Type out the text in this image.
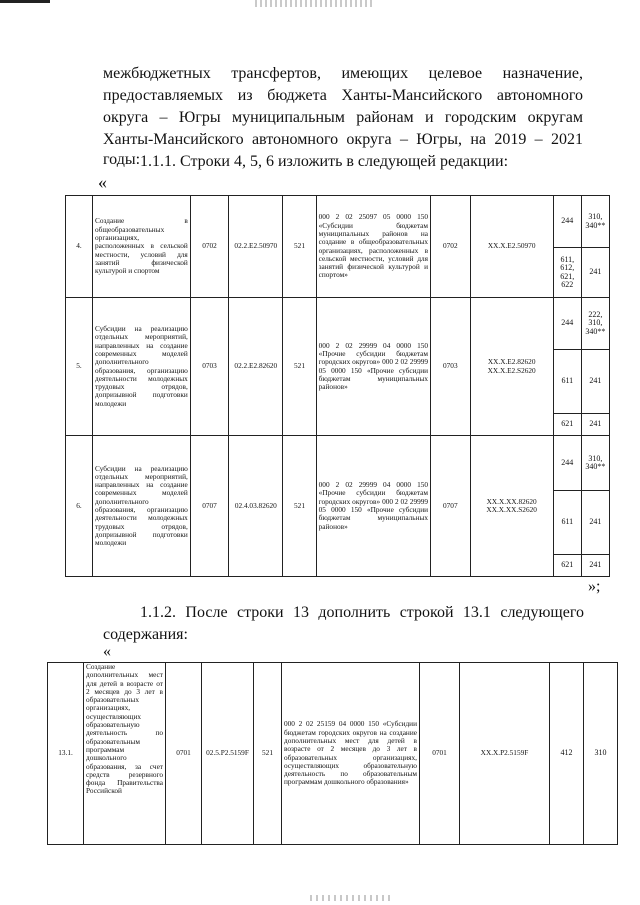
межбюджетных трансфертов, имеющих целевое назначение,
предоставляемых из бюджета Ханты-Мансийского автономного
округа – Югры муниципальным районам и городским округам
Ханты-Мансийского автономного округа – Югры, на 2019 – 2021 годы: 1.1.1. Строки 4, 5, 6 изложить в следующей редакции:
«
4.	Создание в общеобразовательных организациях, расположенных в сельской местности, условий для занятий физической культурой и спортом	0702	02.2.Е2.50970	521	000 2 02 25097 05 0000 150 «Субсидии бюджетам муниципальных районов на создание в общеобразовательных организациях, расположенных в сельской местности, условий для занятий физической культурой и спортом»	0702	XX.X.E2.50970	244	310, 340**
								611, 612, 621, 622	241
5.	Субсидии на реализацию отдельных мероприятий, направленных на создание современных моделей дополнительного образования, организацию деятельности молодежных трудовых отрядов, допризывной подготовки молодежи	0703	02.2.Е2.82620	521	000 2 02 29999 04 0000 150 «Прочие субсидии бюджетам городских округов» 000 2 02 29999 05 0000 150 «Прочие субсидии бюджетам муниципальных районов»	0703	XX.X.E2.82620 XX.X.E2.S2620	244	222, 310, 340**
								611	241
								621	241
6.	Субсидии на реализацию отдельных мероприятий, направленных на создание современных моделей дополнительного образования, организацию деятельности молодежных трудовых отрядов, допризывной подготовки молодежи	0707	02.4.03.82620	521	000 2 02 29999 04 0000 150 «Прочие субсидии бюджетам городских округов» 000 2 02 29999 05 0000 150 «Прочие субсидии бюджетам муниципальных районов»	0707	XX.X.XX.82620 XX.X.XX.S2620	244	310, 340**
								611	241
								621	241
»;
1.1.2. После строки 13 дополнить строкой 13.1 следующего
содержания:
«
13.1.	Создание дополнительных мест для детей в возрасте от 2 месяцев до 3 лет в образовательных организациях, осуществляющих образовательную деятельность по образовательным программам дошкольного образования, за счет средств резервного фонда Правительства Российской	0701	02.5.P2.5159F	521	000 2 02 25159 04 0000 150 «Субсидии бюджетам городских округов на создание дополнительных мест для детей в возрасте от 2 месяцев до 3 лет в образовательных организациях, осуществляющих образовательную деятельность по образовательным программам дошкольного образования»	0701	XX.X.P2.5159F	412	310
